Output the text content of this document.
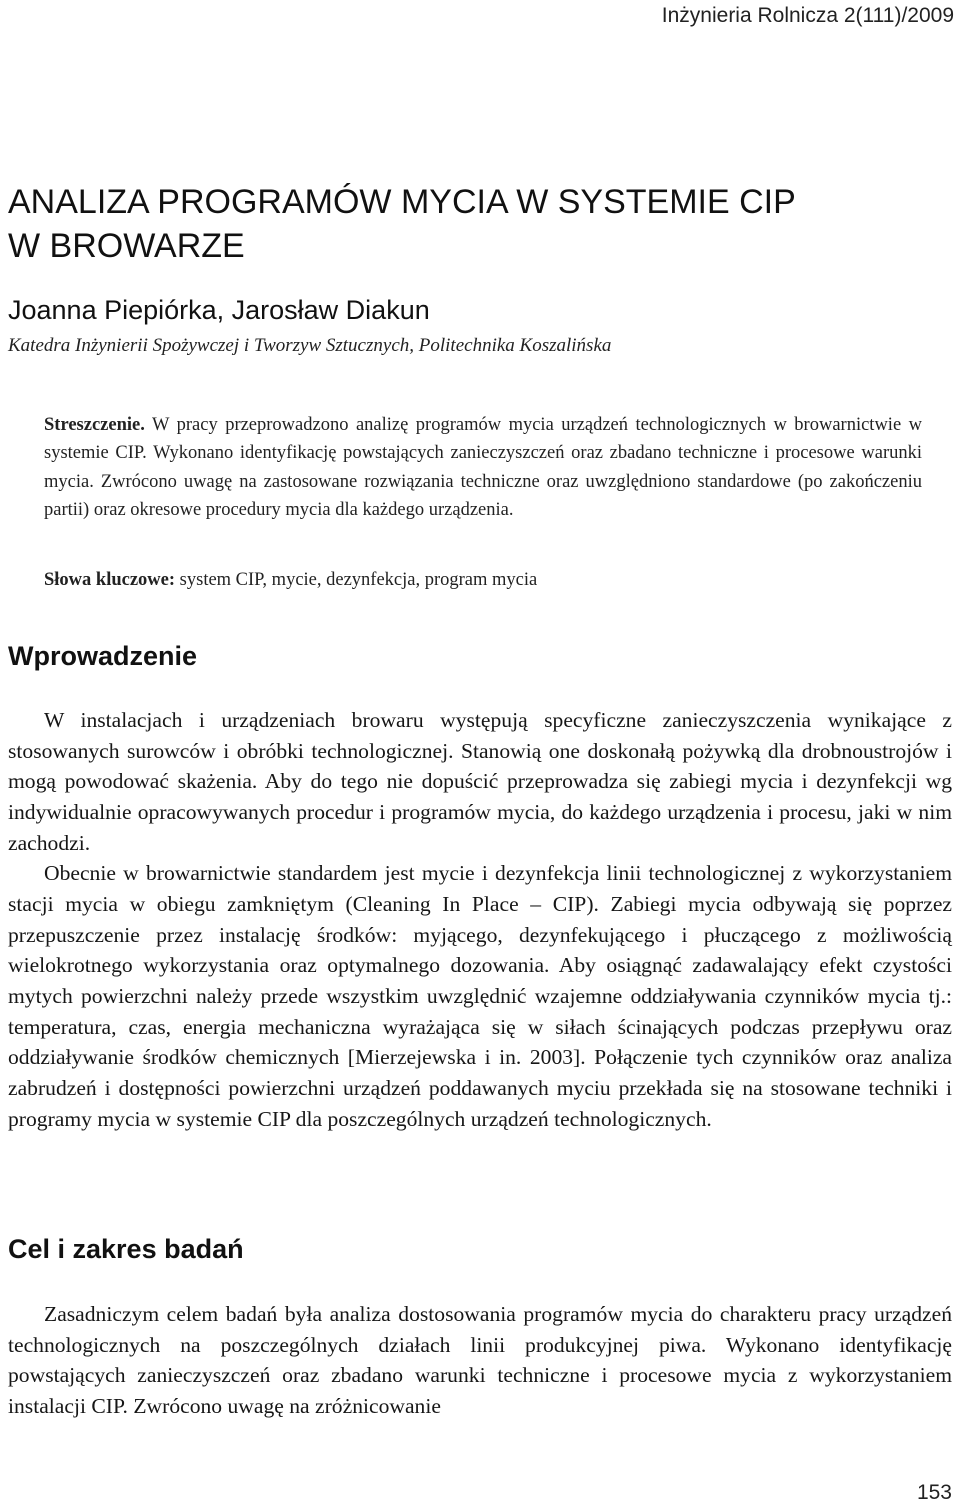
Inżynieria Rolnicza 2(111)/2009
ANALIZA PROGRAMÓW MYCIA W SYSTEMIE CIP
W BROWARZE
Joanna Piepiórka, Jarosław Diakun
Katedra Inżynierii Spożywczej i Tworzyw Sztucznych, Politechnika Koszalińska

Streszczenie. W pracy przeprowadzono analizę programów mycia urządzeń technologicznych w browarnictwie w systemie CIP. Wykonano identyfikację powstających zanieczyszczeń oraz zbadano techniczne i procesowe warunki mycia. Zwrócono uwagę na zastosowane rozwiązania techniczne oraz uwzględniono standardowe (po zakończeniu partii) oraz okresowe procedury mycia dla każdego urządzenia.

Słowa kluczowe: system CIP, mycie, dezynfekcja, program mycia

Wprowadzenie

W instalacjach i urządzeniach browaru występują specyficzne zanieczyszczenia wynikające z stosowanych surowców i obróbki technologicznej. Stanowią one doskonałą pożywką dla drobnoustrojów i mogą powodować skażenia. Aby do tego nie dopuścić przeprowadza się zabiegi mycia i dezynfekcji wg indywidualnie opracowywanych procedur i programów mycia, do każdego urządzenia i procesu, jaki w nim zachodzi.

Obecnie w browarnictwie standardem jest mycie i dezynfekcja linii technologicznej z wykorzystaniem stacji mycia w obiegu zamkniętym (Cleaning In Place – CIP). Zabiegi mycia odbywają się poprzez przepuszczenie przez instalację środków: myjącego, dezynfekującego i płuczącego z możliwością wielokrotnego wykorzystania oraz optymalnego dozowania. Aby osiągnąć zadawalający efekt czystości mytych powierzchni należy przede wszystkim uwzględnić wzajemne oddziaływania czynników mycia tj.: temperatura, czas, energia mechaniczna wyrażająca się w siłach ścinających podczas przepływu oraz oddziaływanie środków chemicznych [Mierzejewska i in. 2003]. Połączenie tych czynników oraz analiza zabrudzeń i dostępności powierzchni urządzeń poddawanych myciu przekłada się na stosowane techniki i programy mycia w systemie CIP dla poszczególnych urządzeń technologicznych.

Cel i zakres badań

Zasadniczym celem badań była analiza dostosowania programów mycia do charakteru pracy urządzeń technologicznych na poszczególnych działach linii produkcyjnej piwa. Wykonano identyfikację powstających zanieczyszczeń oraz zbadano warunki techniczne i procesowe mycia z wykorzystaniem instalacji CIP. Zwrócono uwagę na zróżnicowanie

153
